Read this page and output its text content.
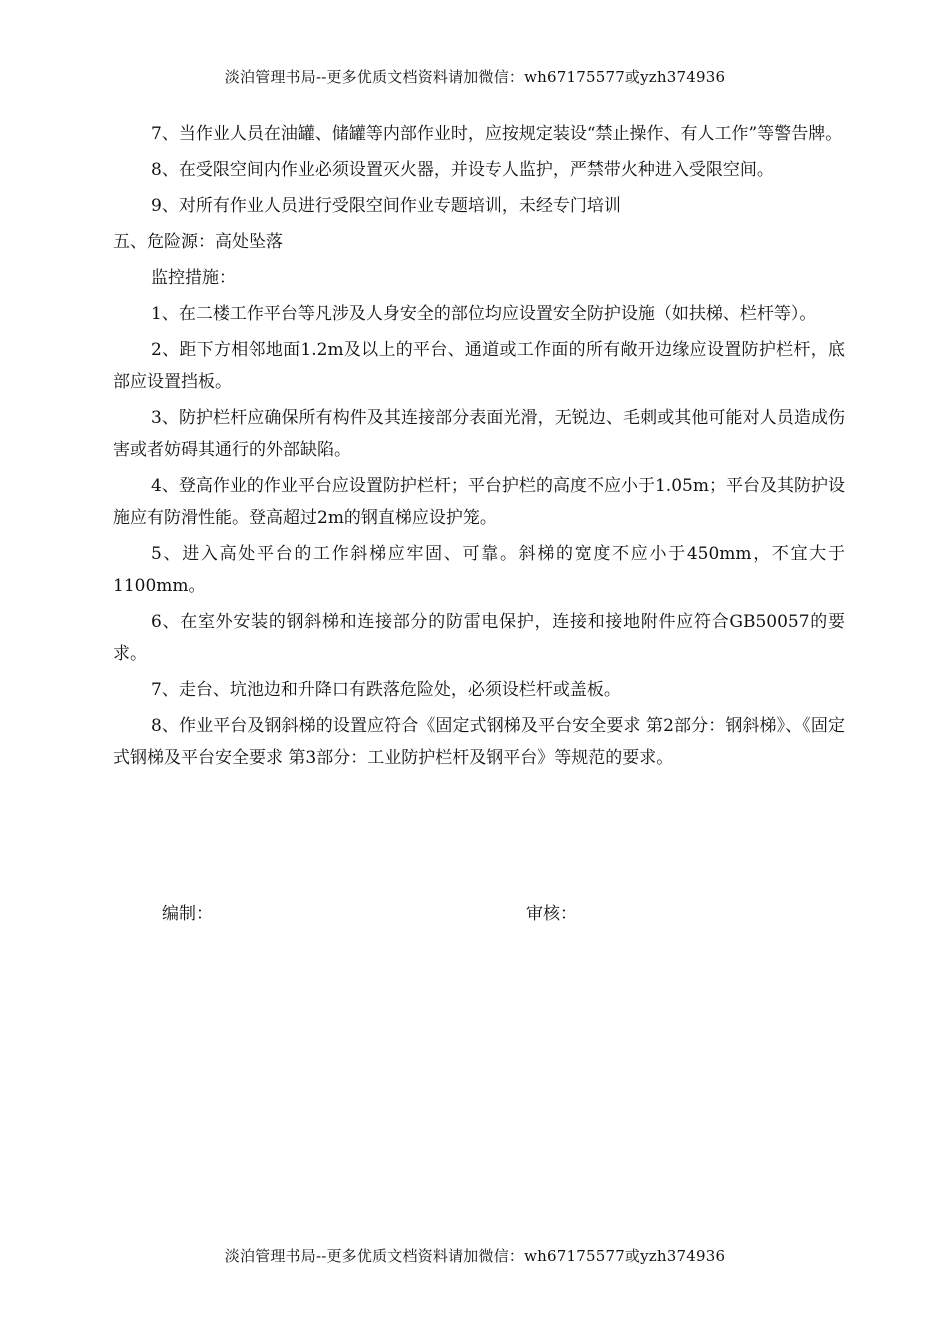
淡泊管理书局--更多优质文档资料请加微信：wh67175577或yzh374936

7、当作业人员在油罐、储罐等内部作业时，应按规定装设“禁止操作、有人工作”等警告牌。

8、在受限空间内作业必须设置灭火器，并设专人监护，严禁带火种进入受限空间。

9、对所有作业人员进行受限空间作业专题培训，未经专门培训

五、危险源：高处坠落

监控措施：

1、在二楼工作平台等凡涉及人身安全的部位均应设置安全防护设施（如扶梯、栏杆等）。

2、距下方相邻地面1.2m及以上的平台、通道或工作面的所有敞开边缘应设置防护栏杆，底部应设置挡板。

3、防护栏杆应确保所有构件及其连接部分表面光滑，无锐边、毛刺或其他可能对人员造成伤害或者妨碍其通行的外部缺陷。

4、登高作业的作业平台应设置防护栏杆；平台护栏的高度不应小于1.05m；平台及其防护设施应有防滑性能。登高超过2m的钢直梯应设护笼。

5、进入高处平台的工作斜梯应牢固、可靠。斜梯的宽度不应小于450mm，不宜大于1100mm。

6、在室外安装的钢斜梯和连接部分的防雷电保护，连接和接地附件应符合GB50057的要求。

7、走台、坑池边和升降口有跌落危险处，必须设栏杆或盖板。

8、作业平台及钢斜梯的设置应符合《固定式钢梯及平台安全要求 第2部分：钢斜梯》、《固定式钢梯及平台安全要求 第3部分：工业防护栏杆及钢平台》等规范的要求。

编制：	审核：
淡泊管理书局--更多优质文档资料请加微信：wh67175577或yzh374936
